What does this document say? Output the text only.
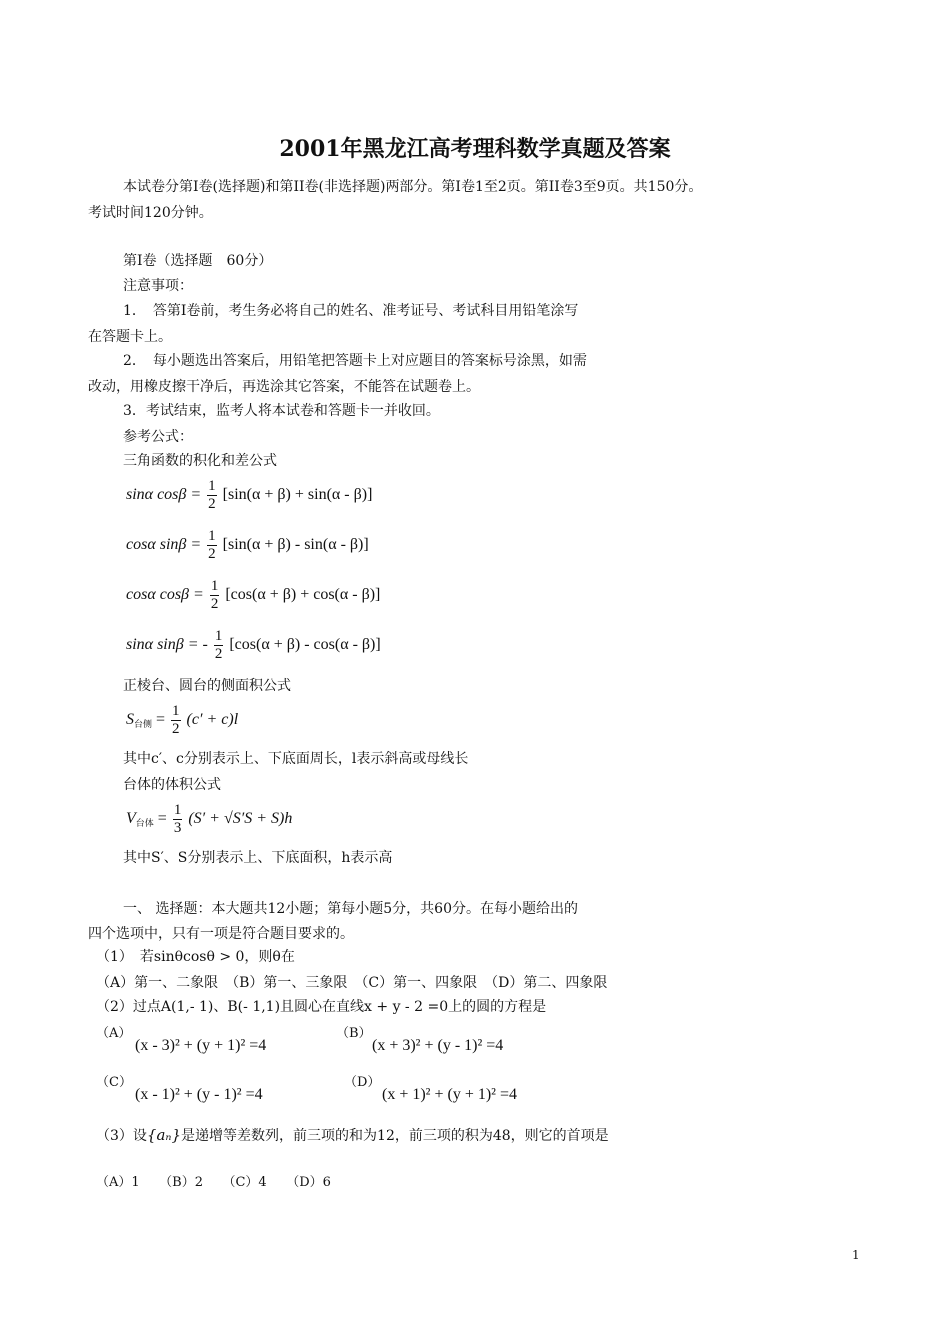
2001年黑龙江高考理科数学真题及答案
本试卷分第I卷(选择题)和第II卷(非选择题)两部分。第I卷1至2页。第II卷3至9页。共150分。
考试时间120分钟。
第I卷（选择题　60分）
注意事项：
1．　答第I卷前，考生务必将自己的姓名、准考证号、考试科目用铅笔涂写
在答题卡上。
2．　每小题选出答案后，用铅笔把答题卡上对应题目的答案标号涂黑，如需
改动，用橡皮擦干净后，再选涂其它答案，不能答在试题卷上。
3．考试结束，监考人将本试卷和答题卡一并收回。
参考公式：
三角函数的积化和差公式
sinα $\cos\beta = \frac{1}{2} [\sin(\alpha + \beta) + \sin(\alpha - \beta)]$
cosα $\sin\beta = \frac{1}{2} [\sin(\alpha + \beta) - \sin(\alpha - \beta)]$
cosα $\cos\beta = \frac{1}{2} [\cos(\alpha + \beta) + \cos(\alpha - \beta)]$
sinα sinβ = - $\frac{1}{2} [\cos(\alpha + \beta) - \cos(\alpha - \beta)]$
正棱台、圆台的侧面积公式
$S_{台侧} = \frac{1}{2} (c' + c)l$
其中c′、c分别表示上、下底面周长，l表示斜高或母线长
台体的体积公式
$V_{台体} = \frac{1}{3} (S' + √S'S + S)h$
其中S′、S分别表示上、下底面积，h表示高
一、 选择题：本大题共12小题；第每小题5分，共60分。在每小题给出的
四个选项中，只有一项是符合题目要求的。
（1）　若sinθcosθ > 0，则θ在
（A）第一、二象限　（B）第一、三象限　（C）第一、四象限　（D）第二、四象限
（2）过点A(1,- 1)、B(- 1,1)且圆心在直线x + y - 2 =0上的圆的方程是
（A）
(x - 3)² + (y + 1)² =4
（B）
(x + 3)² + (y - 1)² =4
（C）
(x - 1)² + (y - 1)² =4
（D）
(x + 1)² + (y + 1)² =4
（3）设{aₙ}是递增等差数列，前三项的和为12，前三项的积为48，则它的首项是
（A）1　　（B）2　　（C）4　　（D）6
1
